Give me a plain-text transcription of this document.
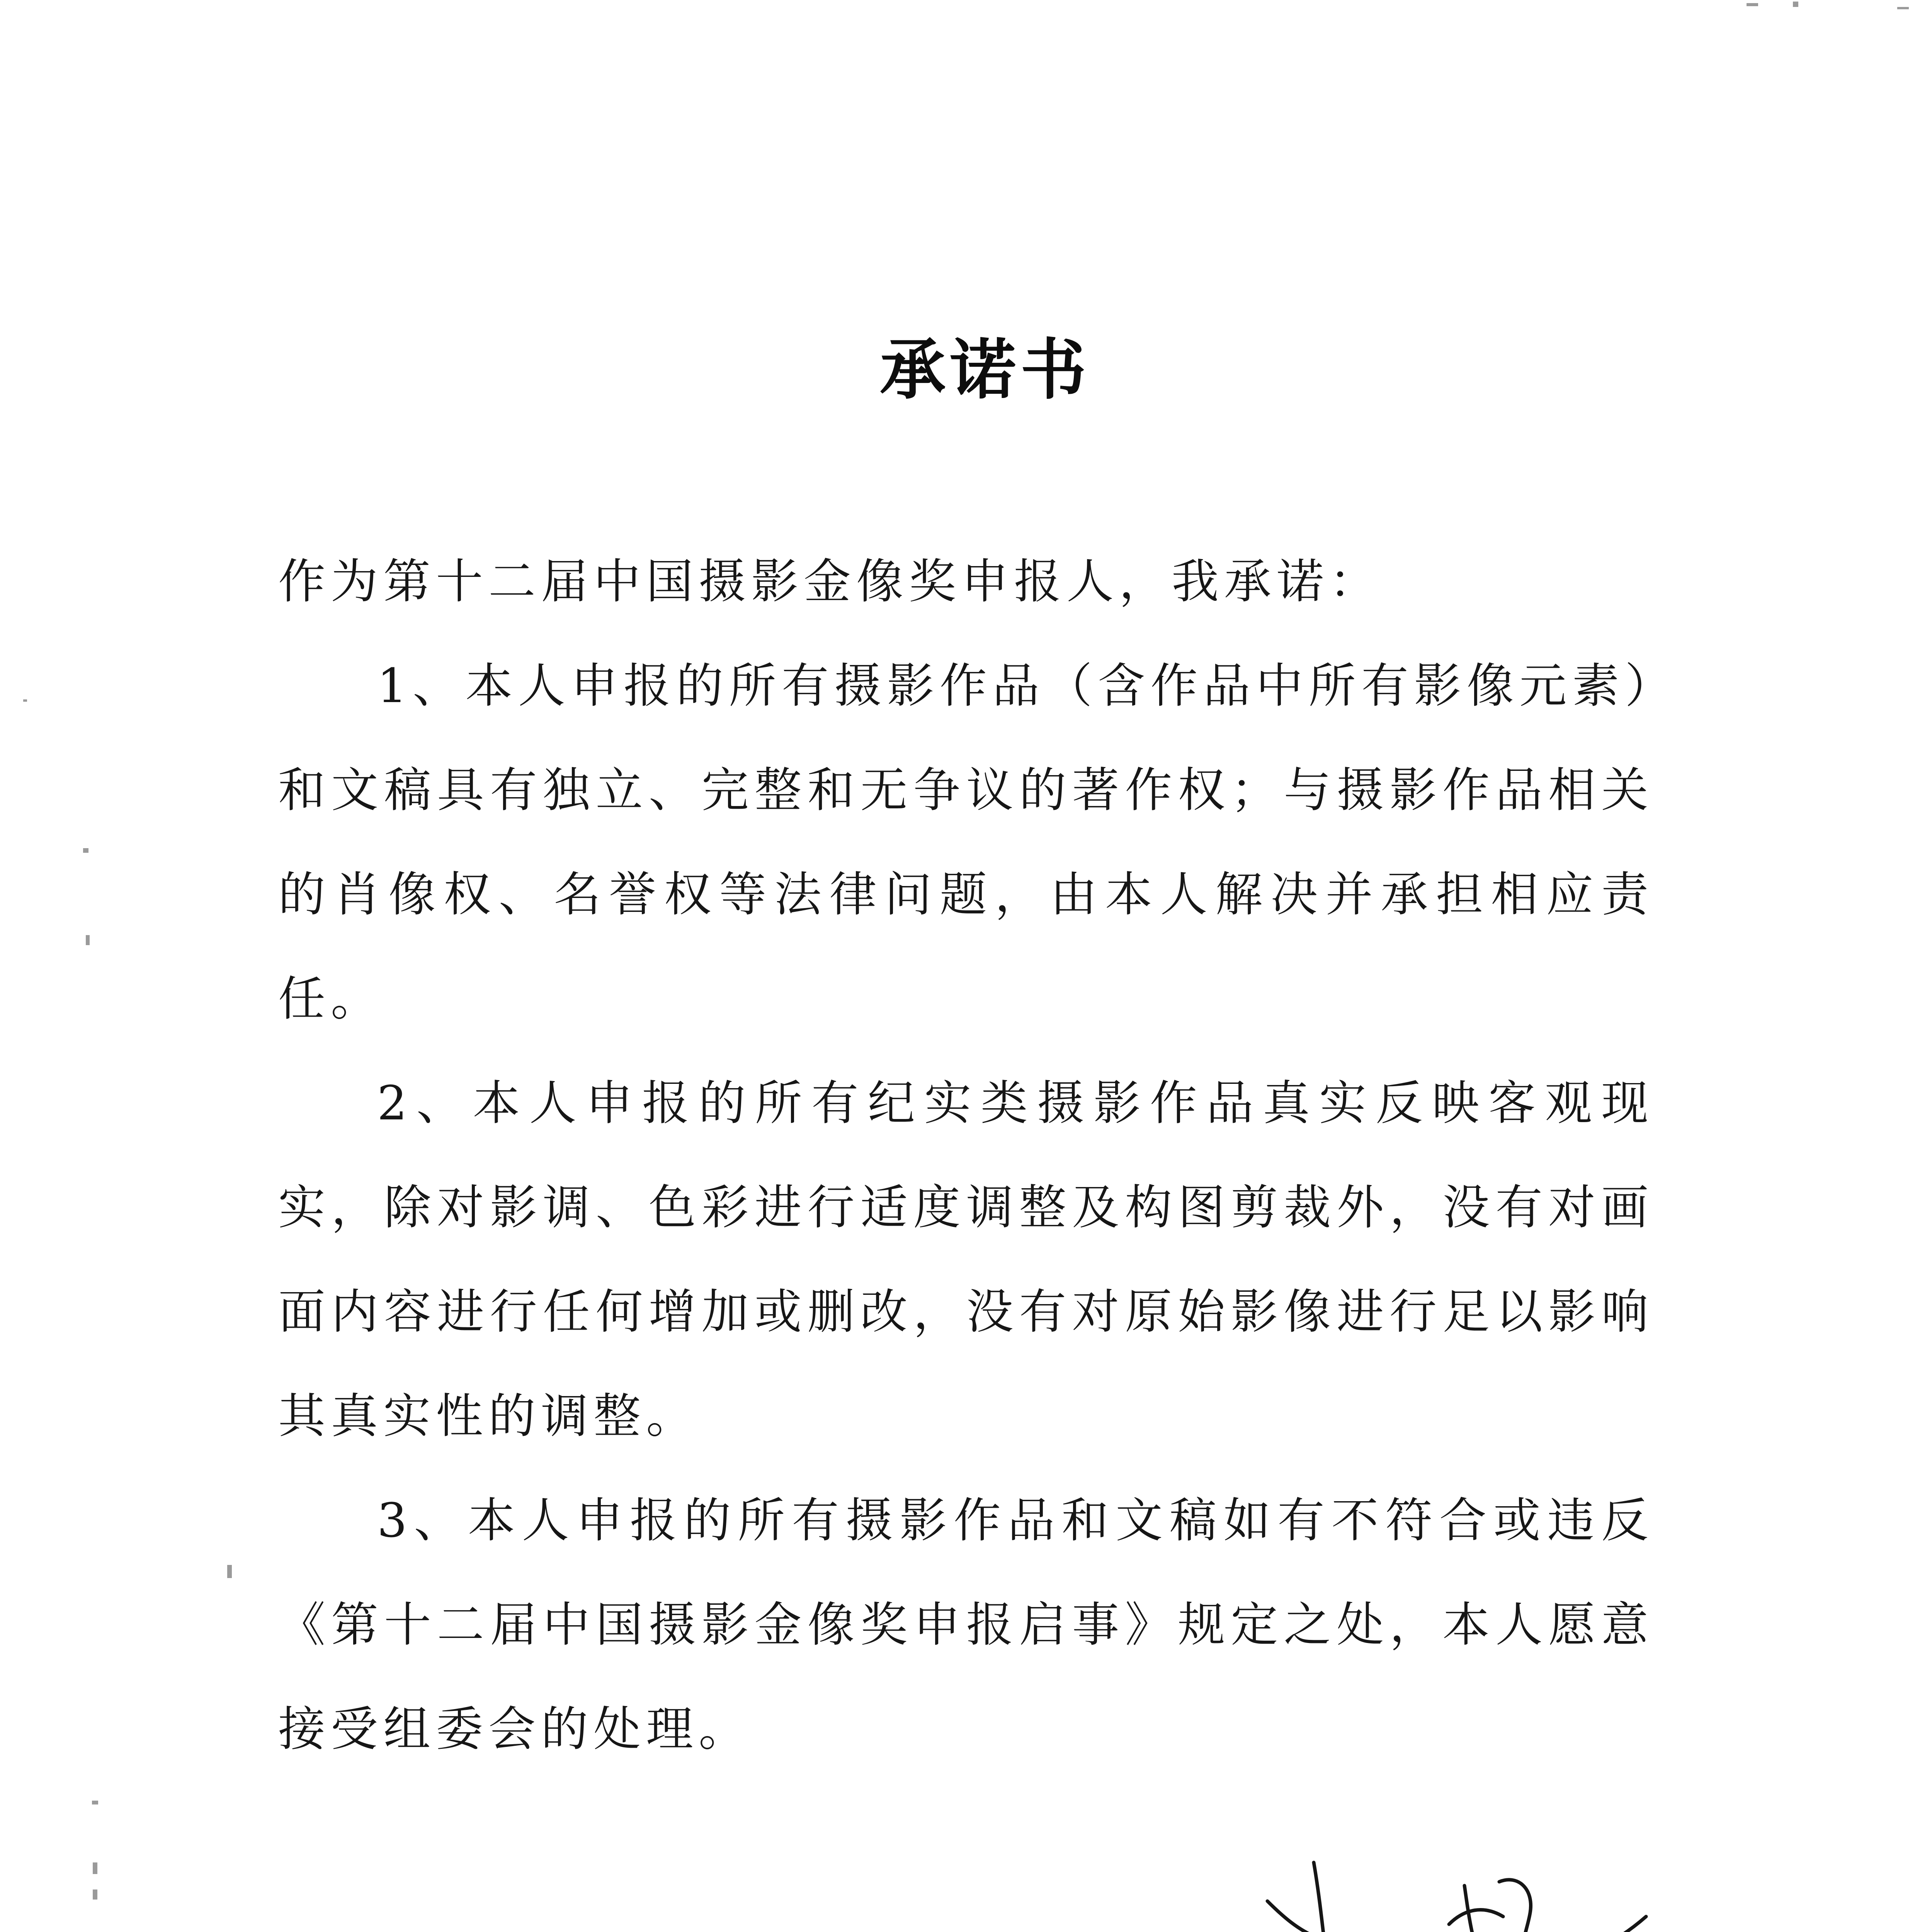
承诺书

作为第十二届中国摄影金像奖申报人，我承诺：

1、本人申报的所有摄影作品（含作品中所有影像元素）和文稿具有独立、完整和无争议的著作权；与摄影作品相关的肖像权、名誉权等法律问题，由本人解决并承担相应责任。

2、本人申报的所有纪实类摄影作品真实反映客观现实，除对影调、色彩进行适度调整及构图剪裁外，没有对画面内容进行任何增加或删改，没有对原始影像进行足以影响其真实性的调整。

3、本人申报的所有摄影作品和文稿如有不符合或违反《第十二届中国摄影金像奖申报启事》规定之处，本人愿意接受组委会的处理。
